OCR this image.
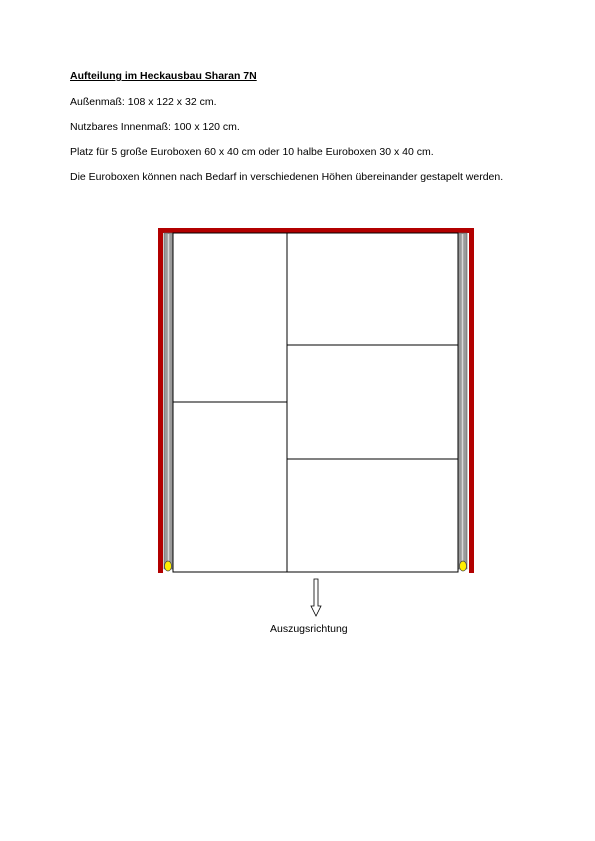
Aufteilung im Heckausbau Sharan 7N
Außenmaß: 108 x 122 x 32 cm.
Nutzbares Innenmaß: 100 x 120 cm.
Platz für 5 große Euroboxen 60 x 40 cm oder 10 halbe Euroboxen 30 x 40 cm.
Die Euroboxen können nach Bedarf in verschiedenen Höhen übereinander gestapelt werden.
Auszugsrichtung
